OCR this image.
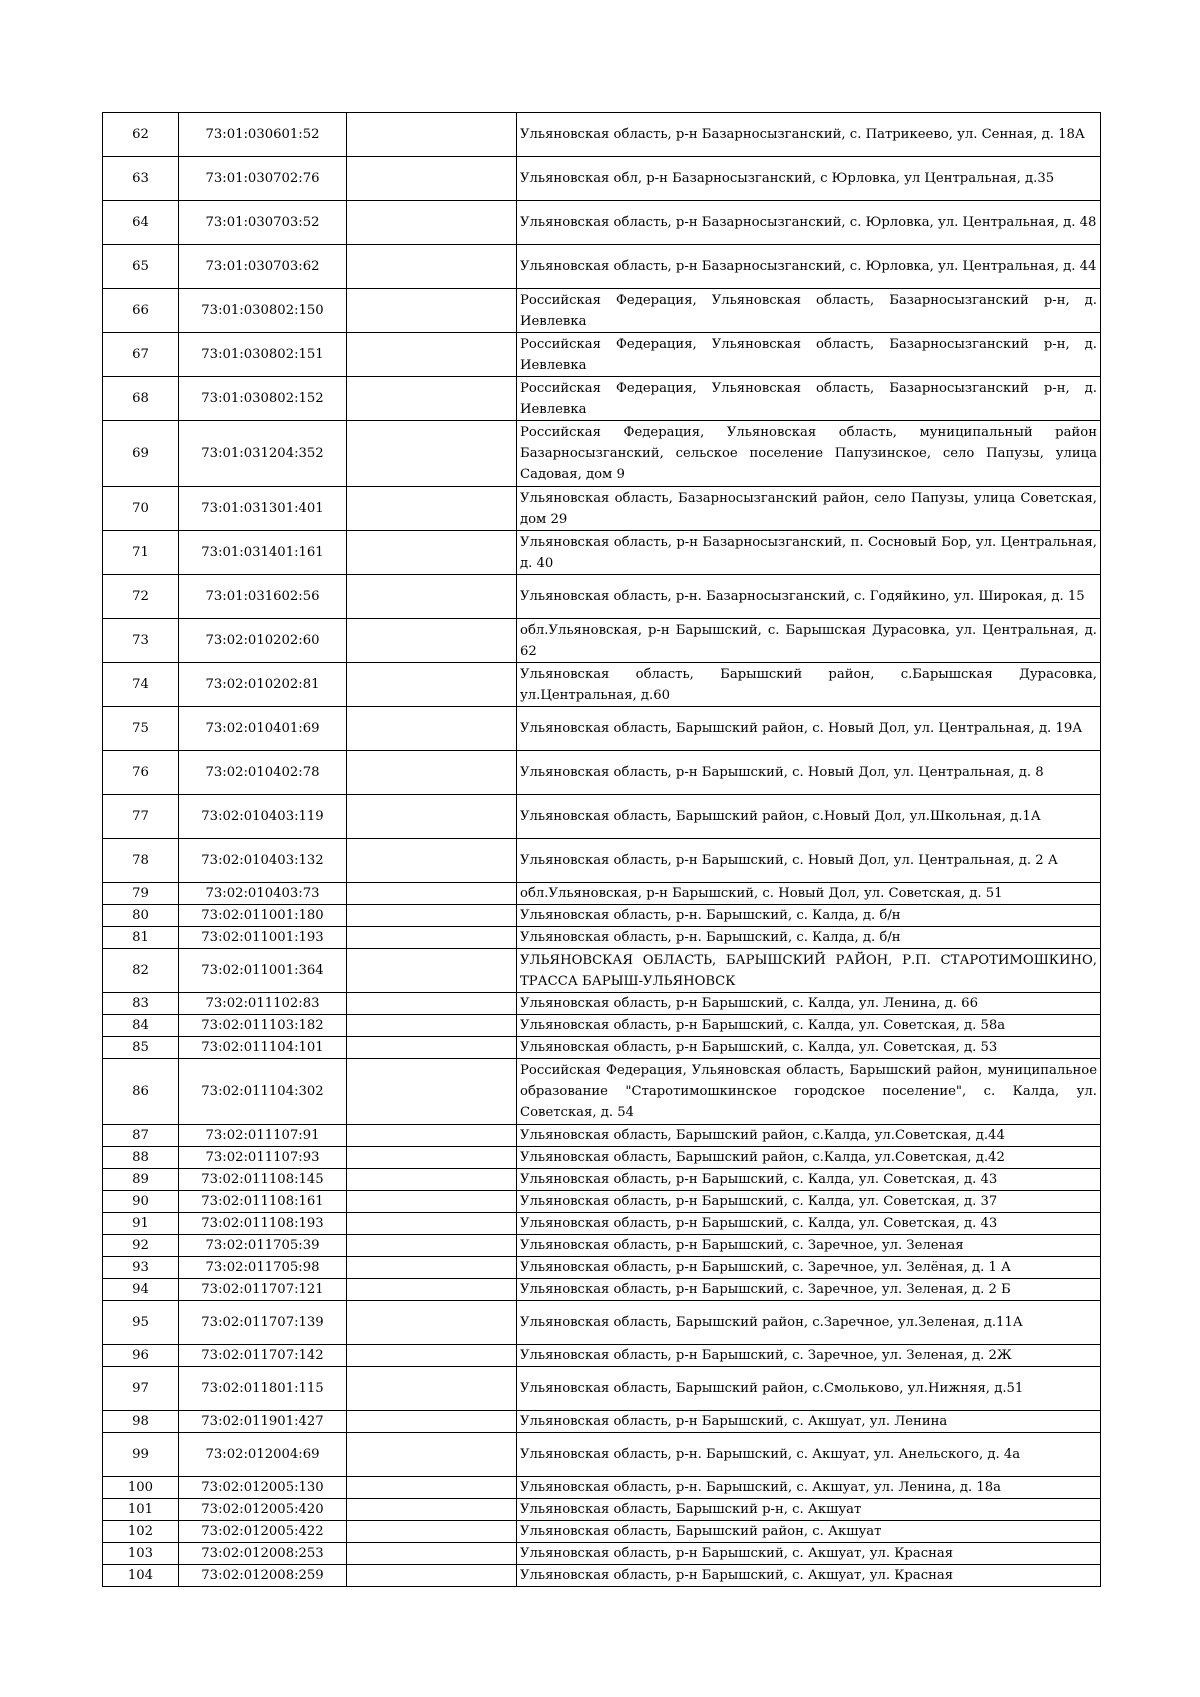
62	73:01:030601:52		Ульяновская область, р-н Базарносызганский, с. Патрикеево, ул. Сенная, д. 18А
63	73:01:030702:76		Ульяновская обл, р-н Базарносызганский, с Юрловка, ул Центральная, д.35
64	73:01:030703:52		Ульяновская область, р-н Базарносызганский, с. Юрловка, ул. Центральная, д. 48
65	73:01:030703:62		Ульяновская область, р-н Базарносызганский, с. Юрловка, ул. Центральная, д. 44
66	73:01:030802:150		Российская Федерация, Ульяновская область, Базарносызганский р-н, д. Иевлевка
67	73:01:030802:151		Российская Федерация, Ульяновская область, Базарносызганский р-н, д. Иевлевка
68	73:01:030802:152		Российская Федерация, Ульяновская область, Базарносызганский р-н, д. Иевлевка
69	73:01:031204:352		Российская Федерация, Ульяновская область, муниципальный район Базарносызганский, сельское поселение Папузинское, село Папузы, улица Садовая, дом 9
70	73:01:031301:401		Ульяновская область, Базарносызганский район, село Папузы, улица Советская, дом 29
71	73:01:031401:161		Ульяновская область, р-н Базарносызганский, п. Сосновый Бор, ул. Центральная, д. 40
72	73:01:031602:56		Ульяновская область, р-н. Базарносызганский, с. Годяйкино, ул. Широкая, д. 15
73	73:02:010202:60		обл.Ульяновская, р-н Барышский, с. Барышская Дурасовка, ул. Центральная, д. 62
74	73:02:010202:81		Ульяновская область, Барышский район, с.Барышская Дурасовка, ул.Центральная, д.60
75	73:02:010401:69		Ульяновская область, Барышский район, с. Новый Дол, ул. Центральная, д. 19А
76	73:02:010402:78		Ульяновская область, р-н Барышский, с. Новый Дол, ул. Центральная, д. 8
77	73:02:010403:119		Ульяновская область, Барышский район, с.Новый Дол, ул.Школьная, д.1А
78	73:02:010403:132		Ульяновская область, р-н Барышский, с. Новый Дол, ул. Центральная, д. 2 А
79	73:02:010403:73		обл.Ульяновская, р-н Барышский, с. Новый Дол, ул. Советская, д. 51
80	73:02:011001:180		Ульяновская область, р-н. Барышский, с. Калда, д. б/н
81	73:02:011001:193		Ульяновская область, р-н. Барышский, с. Калда, д. б/н
82	73:02:011001:364		УЛЬЯНОВСКАЯ ОБЛАСТЬ, БАРЫШСКИЙ РАЙОН, Р.П. СТАРОТИМОШКИНО, ТРАССА БАРЫШ-УЛЬЯНОВСК
83	73:02:011102:83		Ульяновская область, р-н Барышский, с. Калда, ул. Ленина, д. 66
84	73:02:011103:182		Ульяновская область, р-н Барышский, с. Калда, ул. Советская, д. 58а
85	73:02:011104:101		Ульяновская область, р-н Барышский, с. Калда, ул. Советская, д. 53
86	73:02:011104:302		Российская Федерация, Ульяновская область, Барышский район, муниципальное образование "Старотимошкинское городское поселение", с. Калда, ул. Советская, д. 54
87	73:02:011107:91		Ульяновская область, Барышский район, с.Калда, ул.Советская, д.44
88	73:02:011107:93		Ульяновская область, Барышский район, с.Калда, ул.Советская, д.42
89	73:02:011108:145		Ульяновская область, р-н Барышский, с. Калда, ул. Советская, д. 43
90	73:02:011108:161		Ульяновская область, р-н Барышский, с. Калда, ул. Советская, д. 37
91	73:02:011108:193		Ульяновская область, р-н Барышский, с. Калда, ул. Советская, д. 43
92	73:02:011705:39		Ульяновская область, р-н Барышский, с. Заречное, ул. Зеленая
93	73:02:011705:98		Ульяновская область, р-н Барышский, с. Заречное, ул. Зелёная, д. 1 А
94	73:02:011707:121		Ульяновская область, р-н Барышский, с. Заречное, ул. Зеленая, д. 2 Б
95	73:02:011707:139		Ульяновская область, Барышский район, с.Заречное, ул.Зеленая, д.11А
96	73:02:011707:142		Ульяновская область, р-н Барышский, с. Заречное, ул. Зеленая, д. 2Ж
97	73:02:011801:115		Ульяновская область, Барышский район, с.Смольково, ул.Нижняя, д.51
98	73:02:011901:427		Ульяновская область, р-н Барышский, с. Акшуат, ул. Ленина
99	73:02:012004:69		Ульяновская область, р-н. Барышский, с. Акшуат, ул. Анельского, д. 4а
100	73:02:012005:130		Ульяновская область, р-н. Барышский, с. Акшуат, ул. Ленина, д. 18а
101	73:02:012005:420		Ульяновская область, Барышский р-н, с. Акшуат
102	73:02:012005:422		Ульяновская область, Барышский район, с. Акшуат
103	73:02:012008:253		Ульяновская область, р-н Барышский, с. Акшуат, ул. Красная
104	73:02:012008:259		Ульяновская область, р-н Барышский, с. Акшуат, ул. Красная
